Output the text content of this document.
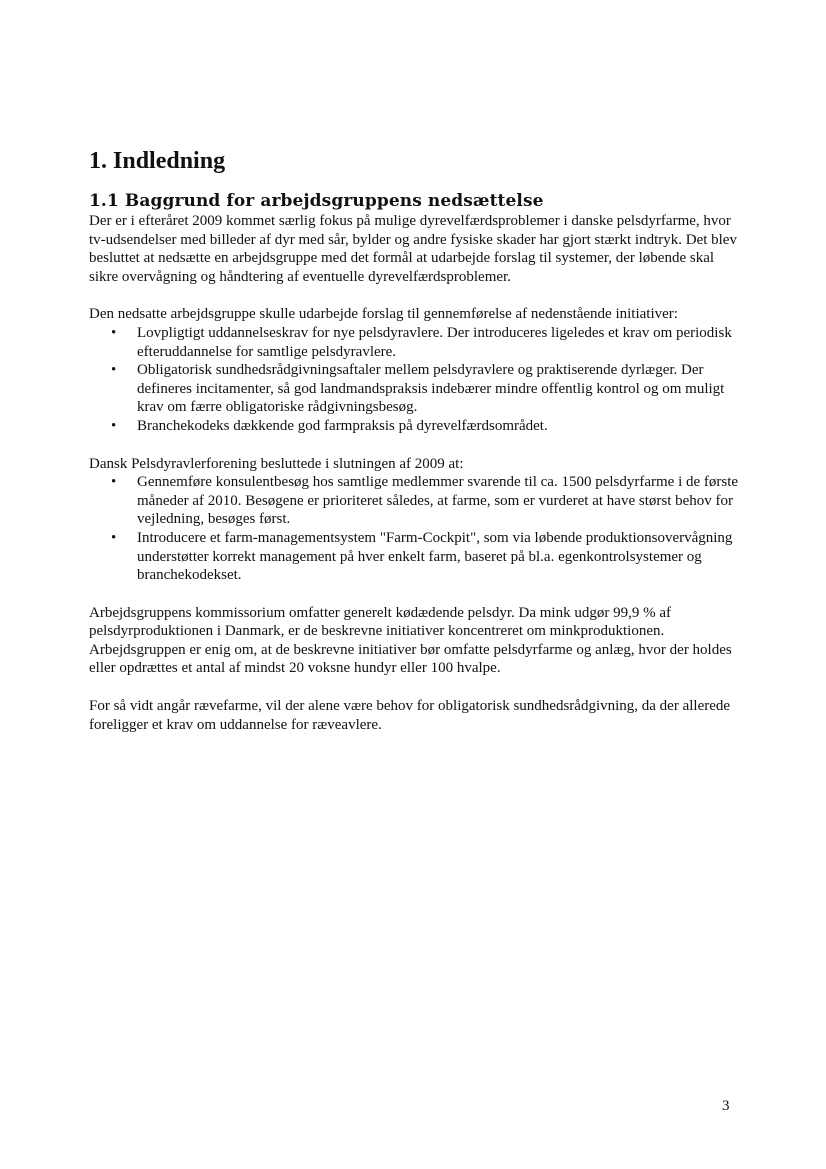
1. Indledning
1.1 Baggrund for arbejdsgruppens nedsættelse

Der er i efteråret 2009 kommet særlig fokus på mulige dyrevelfærdsproblemer i danske pelsdyrfarme, hvor tv-udsendelser med billeder af dyr med sår, bylder og andre fysiske skader har gjort stærkt indtryk. Det blev besluttet at nedsætte en arbejdsgruppe med det formål at udarbejde forslag til systemer, der løbende skal sikre overvågning og håndtering af eventuelle dyrevelfærdsproblemer.

Den nedsatte arbejdsgruppe skulle udarbejde forslag til gennemførelse af nedenstående initiativer:

• Lovpligtigt uddannelseskrav for nye pelsdyravlere. Der introduceres ligeledes et krav om periodisk efteruddannelse for samtlige pelsdyravlere.
• Obligatorisk sundhedsrådgivningsaftaler mellem pelsdyravlere og praktiserende dyrlæger. Der defineres incitamenter, så god landmandspraksis indebærer mindre offentlig kontrol og om muligt krav om færre obligatoriske rådgivningsbesøg.
• Branchekodeks dækkende god farmpraksis på dyrevelfærdsområdet.

Dansk Pelsdyravlerforening besluttede i slutningen af 2009 at:

• Gennemføre konsulentbesøg hos samtlige medlemmer svarende til ca. 1500 pelsdyrfarme i de første måneder af 2010. Besøgene er prioriteret således, at farme, som er vurderet at have størst behov for vejledning, besøges først.
• Introducere et farm-managementsystem "Farm-Cockpit", som via løbende produktionsovervågning understøtter korrekt management på hver enkelt farm, baseret på bl.a. egenkontrolsystemer og branchekodekset.

Arbejdsgruppens kommissorium omfatter generelt kødædende pelsdyr. Da mink udgør 99,9 % af pelsdyrproduktionen i Danmark, er de beskrevne initiativer koncentreret om minkproduktionen. Arbejdsgruppen er enig om, at de beskrevne initiativer bør omfatte pelsdyrfarme og anlæg, hvor der holdes eller opdrættes et antal af mindst 20 voksne hundyr eller 100 hvalpe.

For så vidt angår rævefarme, vil der alene være behov for obligatorisk sundhedsrådgivning, da der allerede foreligger et krav om uddannelse for ræveavlere.

3
